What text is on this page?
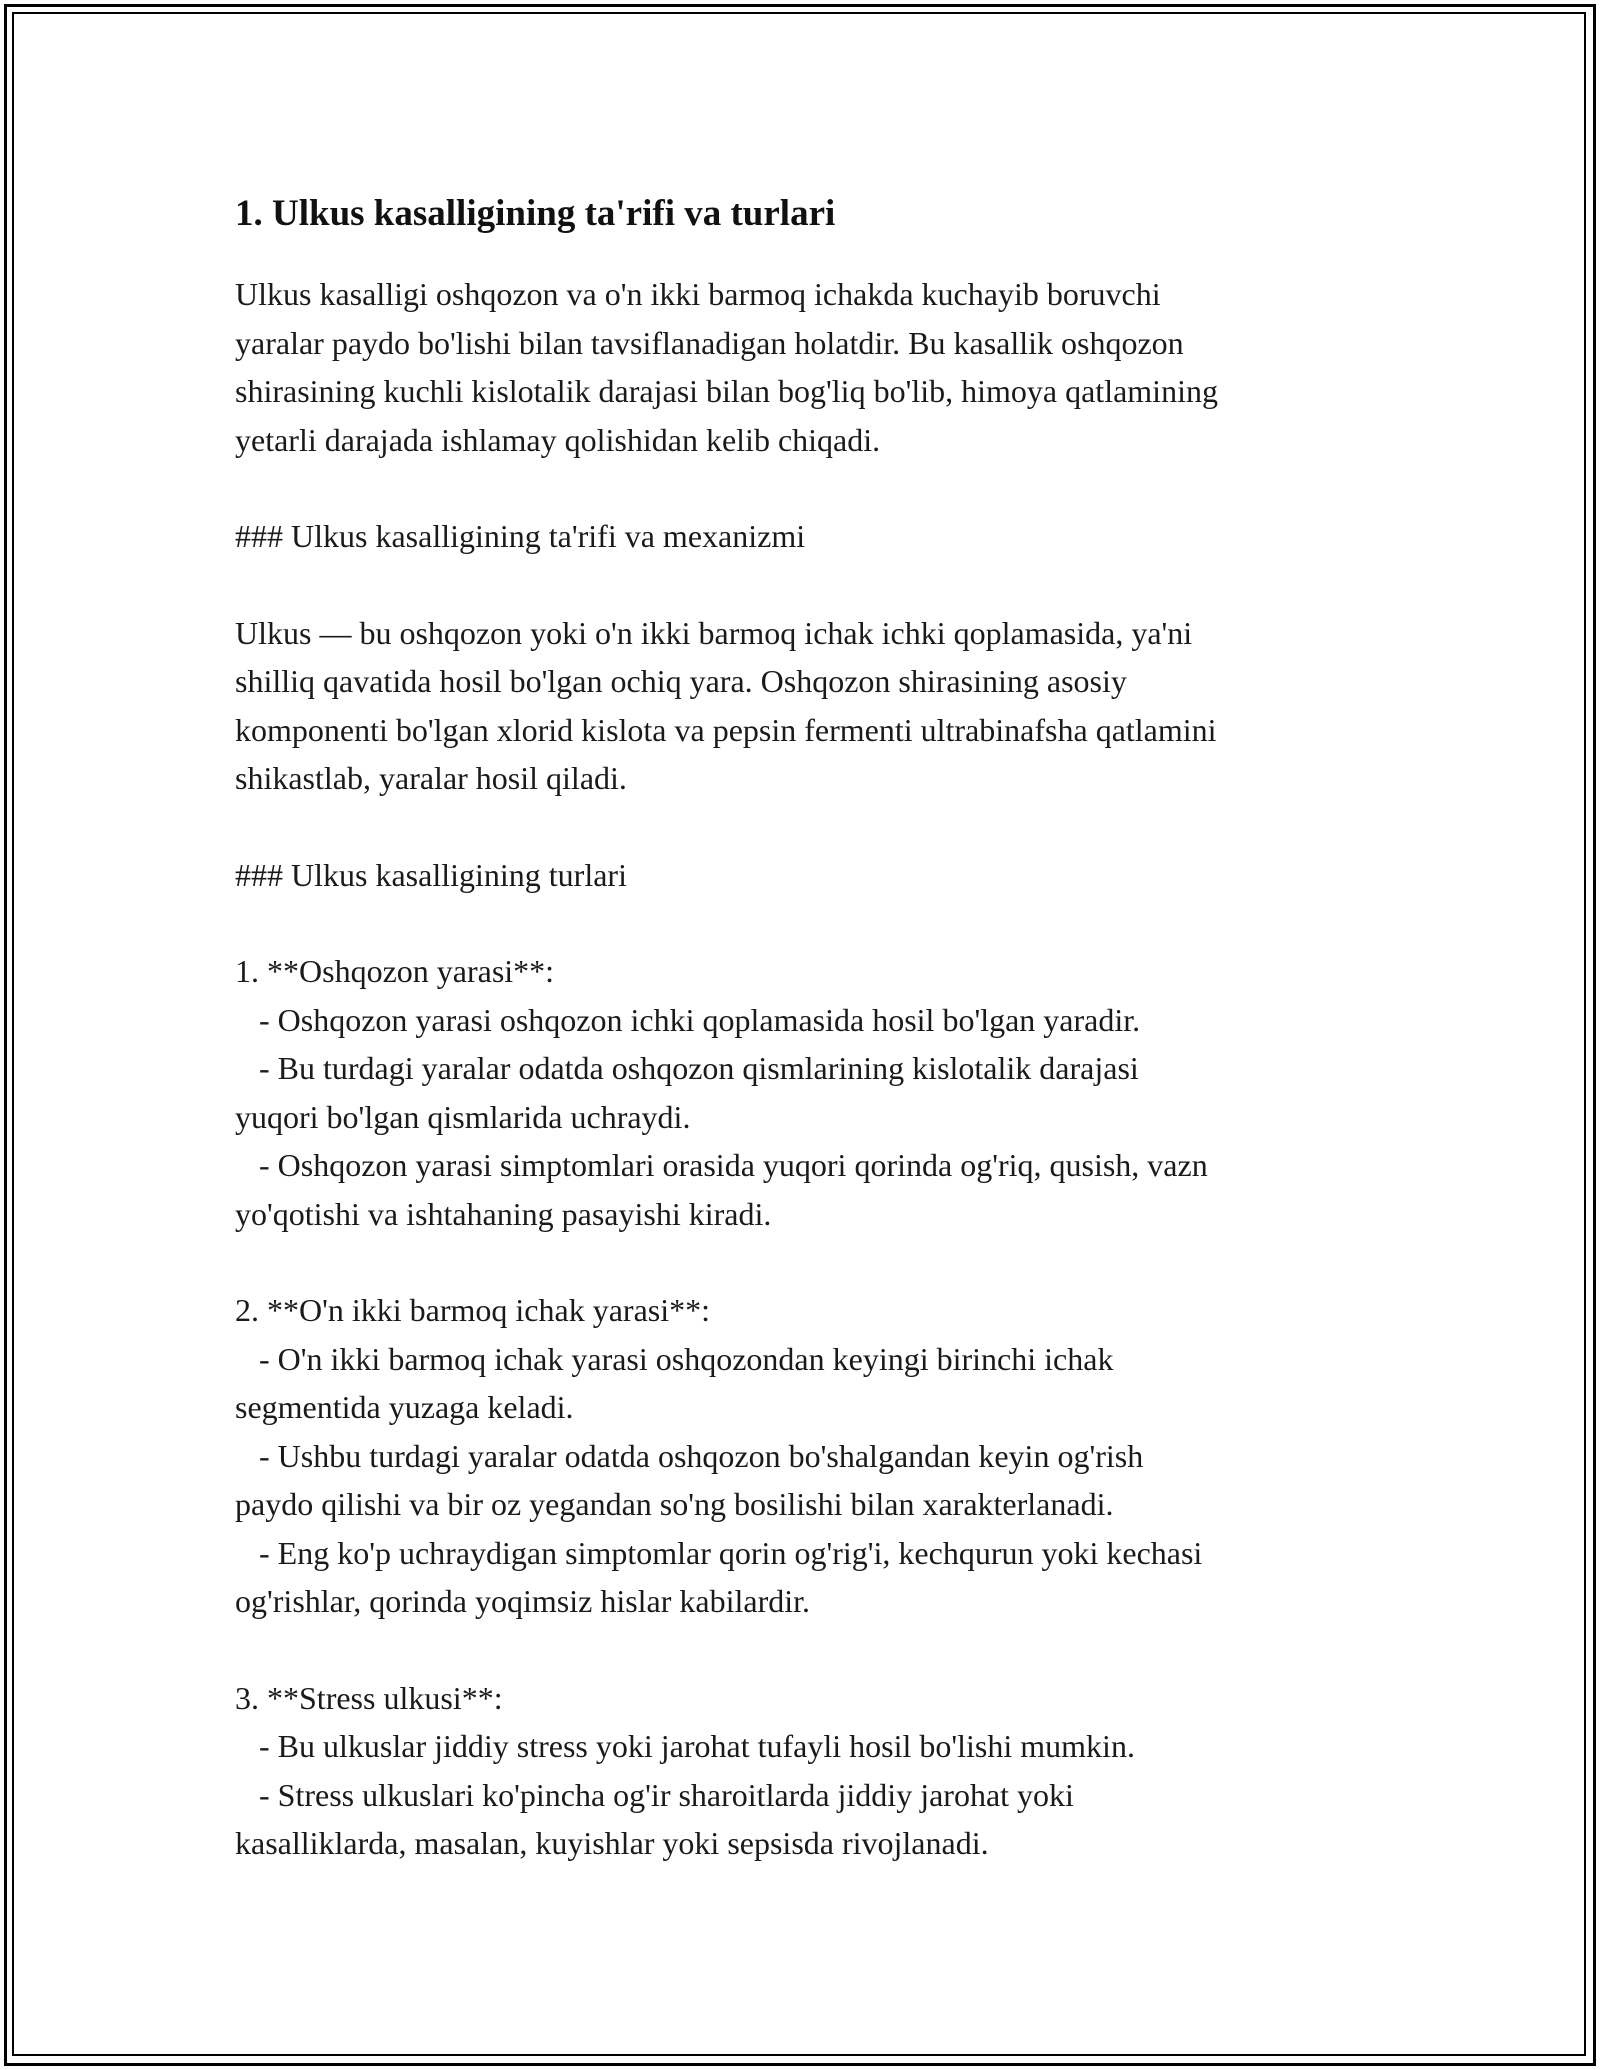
1. Ulkus kasalligining ta'rifi va turlari

Ulkus kasalligi oshqozon va o'n ikki barmoq ichakda kuchayib boruvchi
yaralar paydo bo'lishi bilan tavsiflanadigan holatdir. Bu kasallik oshqozon
shirasining kuchli kislotalik darajasi bilan bog'liq bo'lib, himoya qatlamining
yetarli darajada ishlamay qolishidan kelib chiqadi.

### Ulkus kasalligining ta'rifi va mexanizmi

Ulkus — bu oshqozon yoki o'n ikki barmoq ichak ichki qoplamasida, ya'ni
shilliq qavatida hosil bo'lgan ochiq yara. Oshqozon shirasining asosiy
komponenti bo'lgan xlorid kislota va pepsin fermenti ultrabinafsha qatlamini
shikastlab, yaralar hosil qiladi.

### Ulkus kasalligining turlari

1. **Oshqozon yarasi**:
- Oshqozon yarasi oshqozon ichki qoplamasida hosil bo'lgan yaradir.
- Bu turdagi yaralar odatda oshqozon qismlarining kislotalik darajasi
yuqori bo'lgan qismlarida uchraydi.
- Oshqozon yarasi simptomlari orasida yuqori qorinda og'riq, qusish, vazn
yo'qotishi va ishtahaning pasayishi kiradi.

2. **O'n ikki barmoq ichak yarasi**:
- O'n ikki barmoq ichak yarasi oshqozondan keyingi birinchi ichak
segmentida yuzaga keladi.
- Ushbu turdagi yaralar odatda oshqozon bo'shalgandan keyin og'rish
paydo qilishi va bir oz yegandan so'ng bosilishi bilan xarakterlanadi.
- Eng ko'p uchraydigan simptomlar qorin og'rig'i, kechqurun yoki kechasi
og'rishlar, qorinda yoqimsiz hislar kabilardir.

3. **Stress ulkusi**:
- Bu ulkuslar jiddiy stress yoki jarohat tufayli hosil bo'lishi mumkin.
- Stress ulkuslari ko'pincha og'ir sharoitlarda jiddiy jarohat yoki
kasalliklarda, masalan, kuyishlar yoki sepsisda rivojlanadi.
